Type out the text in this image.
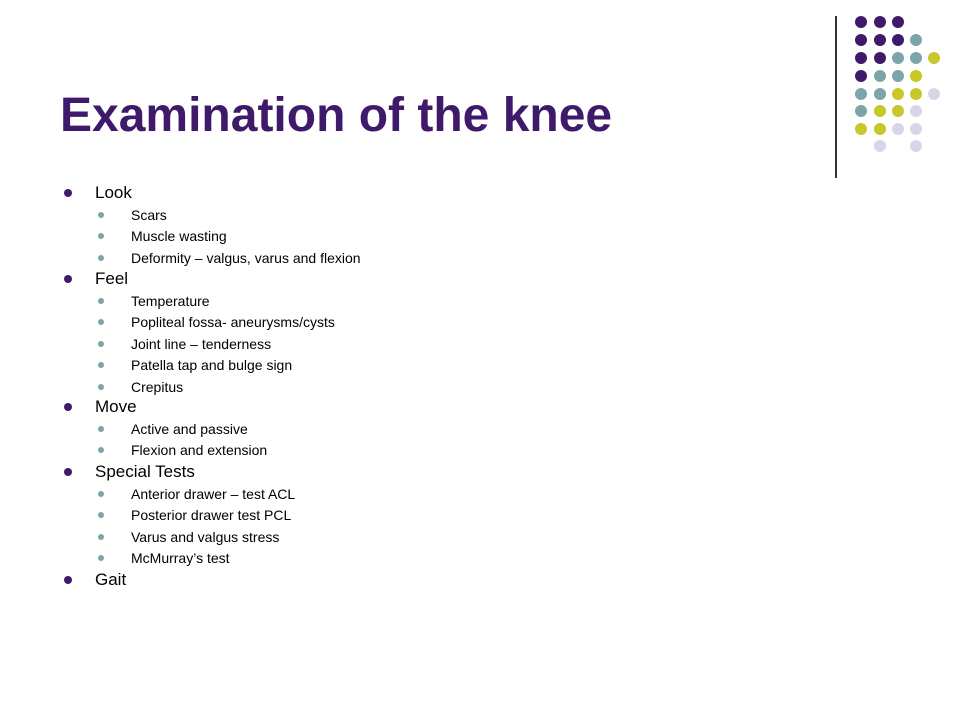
Examination of the knee
Look
Scars
Muscle wasting
Deformity – valgus, varus and flexion
Feel
Temperature
Popliteal fossa- aneurysms/cysts
Joint line – tenderness
Patella tap and bulge sign
Crepitus
Move
Active and passive
Flexion and extension
Special Tests
Anterior drawer – test ACL
Posterior drawer test PCL
Varus and valgus stress
McMurray’s test
Gait
